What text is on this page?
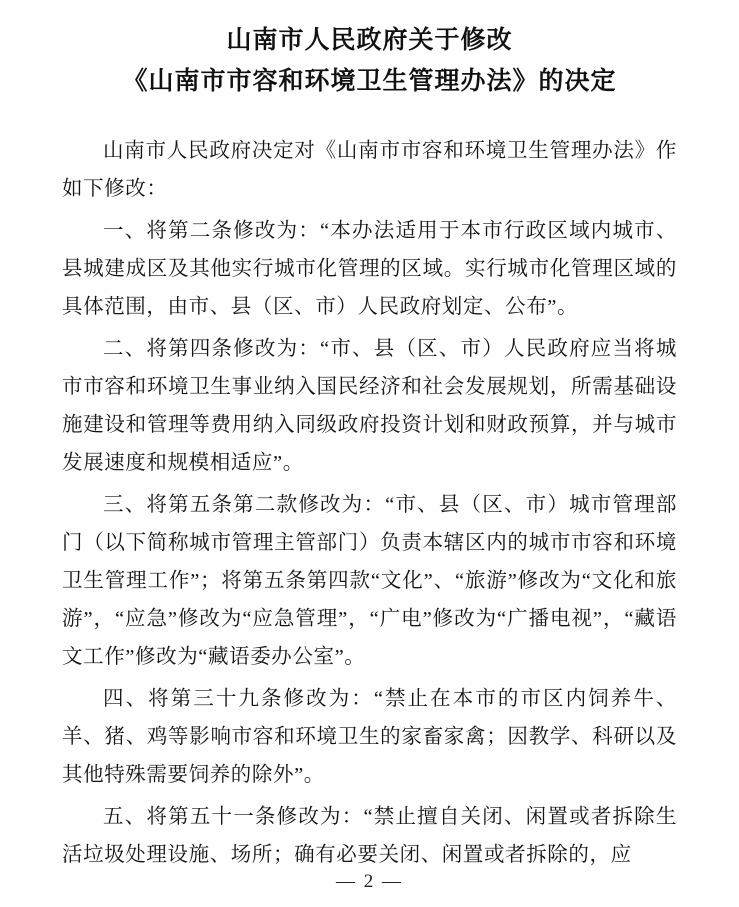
山南市人民政府关于修改
《山南市市容和环境卫生管理办法》的决定

山南市人民政府决定对《山南市市容和环境卫生管理办法》作如下修改：

一、将第二条修改为：“本办法适用于本市行政区域内城市、县城建成区及其他实行城市化管理的区域。实行城市化管理区域的具体范围，由市、县（区、市）人民政府划定、公布”。

二、将第四条修改为：“市、县（区、市）人民政府应当将城市市容和环境卫生事业纳入国民经济和社会发展规划，所需基础设施建设和管理等费用纳入同级政府投资计划和财政预算，并与城市发展速度和规模相适应”。

三、将第五条第二款修改为：“市、县（区、市）城市管理部门（以下简称城市管理主管部门）负责本辖区内的城市市容和环境卫生管理工作”；将第五条第四款“文化”、“旅游”修改为“文化和旅游”，“应急”修改为“应急管理”，“广电”修改为“广播电视”，“藏语文工作”修改为“藏语委办公室”。

四、将第三十九条修改为：“禁止在本市的市区内饲养牛、羊、猪、鸡等影响市容和环境卫生的家畜家禽；因教学、科研以及其他特殊需要饲养的除外”。

五、将第五十一条修改为：“禁止擅自关闭、闲置或者拆除生活垃圾处理设施、场所；确有必要关闭、闲置或者拆除的，应

— 2 —
